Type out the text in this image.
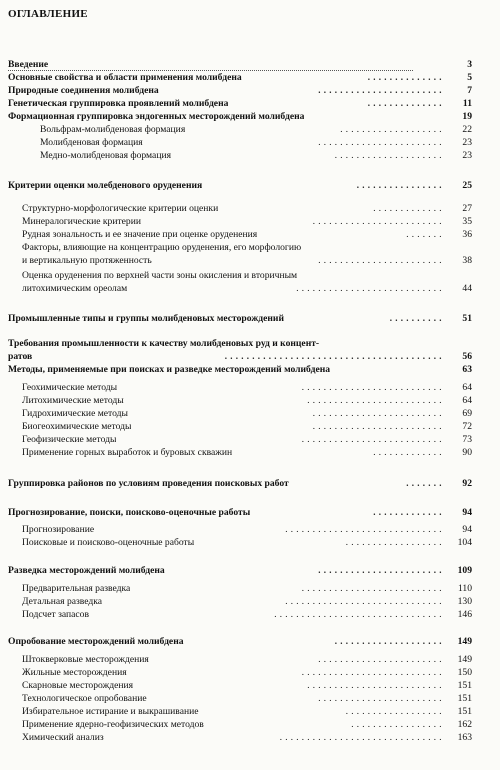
ОГЛАВЛЕНИЕ
Введение	3
Основные свойства и области применения молибдена	. . . . . . . . . . . . . .	5
Природные соединения молибдена	. . . . . . . . . . . . . . . . . . . . . . .	7
Генетическая группировка проявлений молибдена	. . . . . . . . . . . . . .	11
Формационная группировка эндогенных месторождений молибдена	19
Вольфрам-молибденовая формация	. . . . . . . . . . . . . . . . . . .	22
Молибденовая формация	. . . . . . . . . . . . . . . . . . . . . . .	23
Медно-молибденовая формация	. . . . . . . . . . . . . . . . . . . .	23
Критерии оценки молебденового оруденения	. . . . . . . . . . . . . . . .	25
Структурно-морфологические критерии оценки	. . . . . . . . . . . . .	27
Минералогические критерии	. . . . . . . . . . . . . . . . . . . . . . . .	35
Рудная зональность и ее значение при оценке оруденения	. . . . . . .	36
Факторы, влияющие на концентрацию оруденения, его морфологию
и вертикальную протяженность	. . . . . . . . . . . . . . . . . . . . . . .	38
Оценка оруденения по верхней части зоны окисления и вторичным
литохимическим ореолам	. . . . . . . . . . . . . . . . . . . . . . . . . . .	44
Промышленные типы и группы молибденовых месторождений	. . . . . . . . . .	51
Требования промышленности к качеству молибденовых руд и концент-
ратов	. . . . . . . . . . . . . . . . . . . . . . . . . . . . . . . . . . . . . . . .	56
Методы, применяемые при поисках и разведке месторождений молибдена	63
Геохимические методы	. . . . . . . . . . . . . . . . . . . . . . . . . .	64
Литохимические методы	. . . . . . . . . . . . . . . . . . . . . . . . .	64
Гидрохимические методы	. . . . . . . . . . . . . . . . . . . . . . . .	69
Биогеохимические методы	. . . . . . . . . . . . . . . . . . . . . . . .	72
Геофизические методы	. . . . . . . . . . . . . . . . . . . . . . . . . .	73
Применение горных выработок и буровых скважин	. . . . . . . . . . . . .	90
Группировка районов по условиям проведения поисковых работ	. . . . . . .	92
Прогнозирование, поиски, поисково-оценочные работы	. . . . . . . . . . . . .	94
Прогнозирование	. . . . . . . . . . . . . . . . . . . . . . . . . . . . .	94
Поисковые и поисково-оценочные работы	. . . . . . . . . . . . . . . . . .	104
Разведка месторождений молибдена	. . . . . . . . . . . . . . . . . . . . . . .	109
Предварительная разведка	. . . . . . . . . . . . . . . . . . . . . . . . . .	110
Детальная разведка	. . . . . . . . . . . . . . . . . . . . . . . . . . . . .	130
Подсчет запасов	. . . . . . . . . . . . . . . . . . . . . . . . . . . . . . .	146
Опробование месторождений молибдена	. . . . . . . . . . . . . . . . . . . .	149
Штокверковые месторождения	. . . . . . . . . . . . . . . . . . . . . . .	149
Жильные месторождения	. . . . . . . . . . . . . . . . . . . . . . . . . .	150
Скарновые месторождения	. . . . . . . . . . . . . . . . . . . . . . . . .	151
Технологическое опробование	. . . . . . . . . . . . . . . . . . . . . . .	151
Избирательное истирание и выкрашивание	. . . . . . . . . . . . . . . . . .	151
Применение ядерно-геофизических методов	. . . . . . . . . . . . . . . . .	162
Химический анализ	. . . . . . . . . . . . . . . . . . . . . . . . . . . . . .	163
